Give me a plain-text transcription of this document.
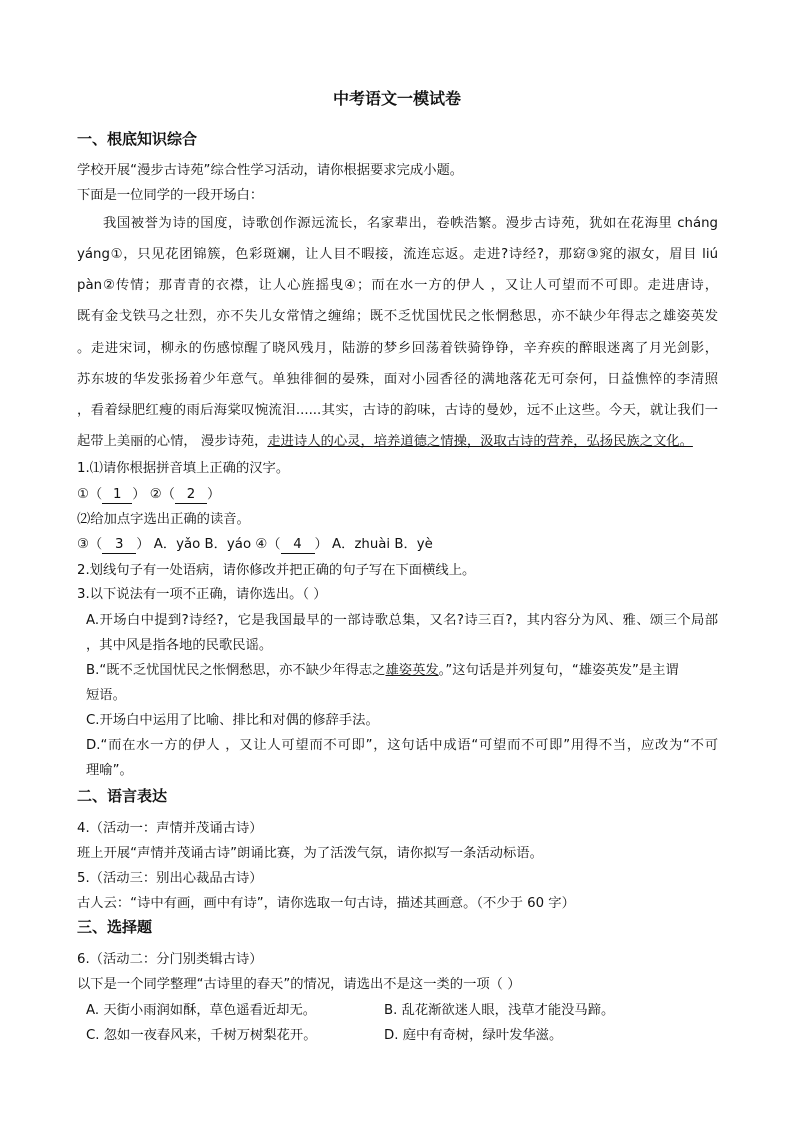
中考语文一模试卷
一、根底知识综合
学校开展“漫步古诗苑”综合性学习活动，请你根据要求完成小题。
下面是一位同学的一段开场白：
我国被誉为诗的国度，诗歌创作源远流长，名家辈出，卷帙浩繁。漫步古诗苑，犹如在花海里 cháng
yáng①，只见花团锦簇，色彩斑斓，让人目不暇接，流连忘返。走进?诗经?，那窈③窕的淑女，眉目 liú
pàn②传情；那青青的衣襟，让人心旌摇曳④；而在水一方的伊人 ，又让人可望而不可即。走进唐诗，
既有金戈铁马之壮烈，亦不失儿女常情之缠绵；既不乏忧国忧民之怅惘愁思，亦不缺少年得志之雄姿英发
。走进宋词，柳永的伤感惊醒了晓风残月，陆游的梦乡回荡着铁骑铮铮，辛弃疾的醉眼迷离了月光剑影，
苏东坡的华发张扬着少年意气。单独徘徊的晏殊，面对小园香径的满地落花无可奈何，日益憔悴的李清照
，看着绿肥红瘦的雨后海棠叹惋流泪......其实，古诗的韵味，古诗的曼妙，远不止这些。今天，就让我们一
起带上美丽的心情， 漫步诗苑，走进诗人的心灵，培养道德之情操，汲取古诗的营养，弘扬民族之文化。
1.⑴请你根据拼音填上正确的汉字。
①（ 1 ） ②（ 2 ）
⑵给加点字选出正确的读音。
③（ 3 ） A．yǎo B．yáo ④（ 4 ） A．zhuài B．yè
2.划线句子有一处语病，请你修改并把正确的句子写在下面横线上。
3.以下说法有一项不正确，请你选出。（ ）
A.开场白中提到?诗经?，它是我国最早的一部诗歌总集，又名?诗三百?，其内容分为风、雅、颂三个局部
，其中风是指各地的民歌民谣。
B.“既不乏忧国忧民之怅惘愁思，亦不缺少年得志之雄姿英发。”这句话是并列复句，“雄姿英发”是主谓
短语。
C.开场白中运用了比喻、排比和对偶的修辞手法。
D.“而在水一方的伊人 ，又让人可望而不可即”，这句话中成语“可望而不可即”用得不当，应改为“不可
理喻”。
二、语言表达
4.（活动一：声情并茂诵古诗）
班上开展“声情并茂诵古诗”朗诵比赛，为了活泼气氛，请你拟写一条活动标语。
5.（活动三：别出心裁品古诗）
古人云：“诗中有画，画中有诗”，请你选取一句古诗，描述其画意。（不少于 60 字）
三、选择题
6.（活动二：分门别类辑古诗）
以下是一个同学整理“古诗里的春天”的情况，请选出不是这一类的一项（ ）
A. 天街小雨润如酥，草色遥看近却无。	B. 乱花渐欲迷人眼，浅草才能没马蹄。
C. 忽如一夜春风来，千树万树梨花开。	D. 庭中有奇树，绿叶发华滋。
